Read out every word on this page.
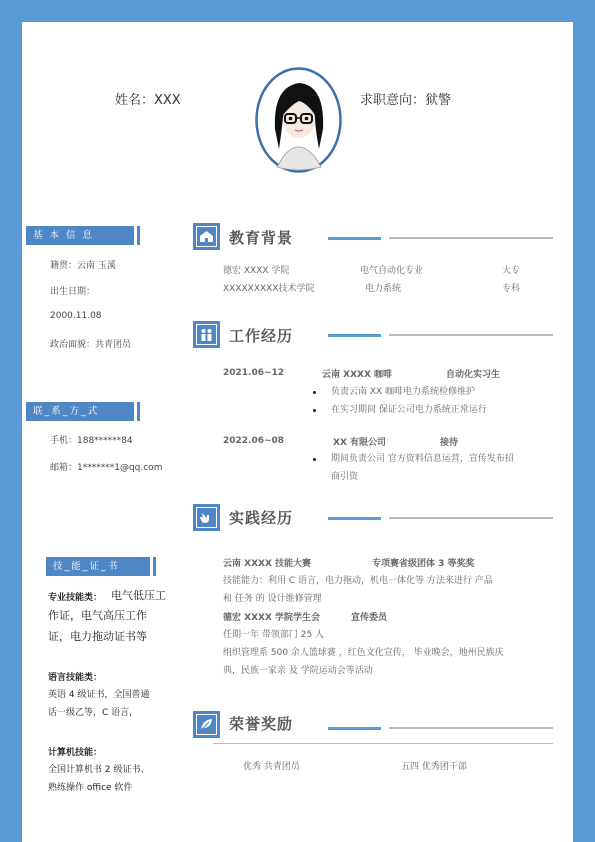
姓名：XXX	求职意向：狱警
基 本 信 息
籍贯：云南 玉溪
出生日期：
2000.11.08
政治面貌：共青团员
联_系_方_式
手机：188******84
邮箱：1*******1@qq.com
技_能_证_书
专业技能类： 电气低压工
作证，电气高压工作
证，电力拖动证书等
语言技能类：
英语 4 级证书，全国普通
话一级乙等，C 语言，
计算机技能：
全国计算机书 2 级证书、
熟练操作 office 软件
教育背景
德宏 XXXX 学院	电气自动化专业	大专
XXXXXXXXX技术学院	电力系统	专科
工作经历
2021.06~12	云南 XXXX 咖啡	自动化实习生
负责云南 XX 咖啡电力系统检修维护
在实习期间 保证公司电力系统正常运行
2022.06~08	XX 有限公司	接待
期间负责公司 官方资料信息运营，宣传发布招
商引资
实践经历
云南 XXXX 技能大赛	专项赛省级团体 3 等奖奖
技能能力：利用 C 语言，电力拖动，机电一体化等 方法来进行 产品
和 任务 的 设计维修管理
德宏 XXXX 学院学生会	宣传委员
任期一年 带领部门 25 人
组织管理系 500 余人篮球赛 ，红色文化宣传， 毕业晚会，地州民族庆
典，民族一家亲 及 学院运动会等活动
荣誉奖励
优秀 共青团员	五四 优秀团干部
